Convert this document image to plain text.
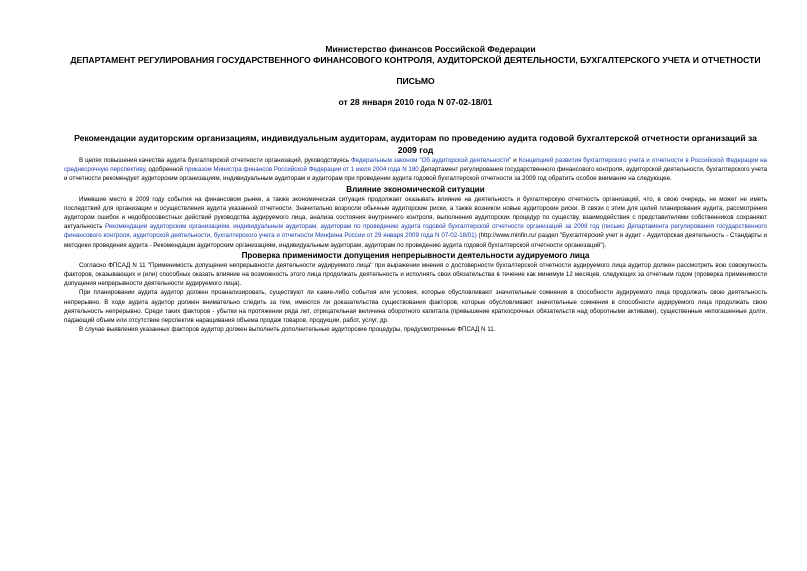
Министерство финансов Российской Федерации
ДЕПАРТАМЕНТ РЕГУЛИРОВАНИЯ ГОСУДАРСТВЕННОГО ФИНАНСОВОГО КОНТРОЛЯ, АУДИТОРСКОЙ ДЕЯТЕЛЬНОСТИ, БУХГАЛТЕРСКОГО УЧЕТА И ОТЧЕТНОСТИ
ПИСЬМО
от 28 января 2010 года N 07-02-18/01
Рекомендации аудиторским организациям, индивидуальным аудиторам, аудиторам по проведению аудита годовой бухгалтерской отчетности организаций за 2009 год

В целях повышения качества аудита бухгалтерской отчетности организаций, руководствуясь Федеральным законом "Об аудиторской деятельности" и Концепцией развития бухгалтерского учета и отчетности в Российской Федерации на среднесрочную перспективу, одобренной приказом Министра финансов Российской Федерации от 1 июля 2004 года N 180 Департамент регулирования государственного финансового контроля, аудиторской деятельности, бухгалтерского учета и отчетности рекомендует аудиторским организациям, индивидуальным аудиторам и аудиторам при проведении аудита годовой бухгалтерской отчетности за 2009 год обратить особое внимание на следующее.

Влияние экономической ситуации

Имевшие место в 2009 году события на финансовом рынке, а также экономическая ситуация продолжает оказывать влияние на деятельность и бухгалтерскую отчетность организаций, что, в свою очередь, не может не иметь последствий для организации и осуществления аудита указанной отчетности. Значительно возросли обычные аудиторские риски, а также возникли новые аудиторские риски. В связи с этим для целей планирования аудита, рассмотрения аудитором ошибок и недобросовестных действий руководства аудируемого лица, анализа состояния внутреннего контроля, выполнения аудиторских процедур по существу, взаимодействия с представителями собственников сохраняют актуальность Рекомендации аудиторским организациям, индивидуальным аудиторам, аудиторам по проведению аудита годовой бухгалтерской отчетности организаций за 2008 год (письмо Департамента регулирования государственного финансового контроля, аудиторской деятельности, бухгалтерского учета и отчетности Минфина России от 29 января 2009 года N 07-02-18/01) (http://www.minfin.ru/ раздел "Бухгалтерский учет и аудит - Аудиторская деятельность - Стандарты и методики проведения аудита - Рекомендации аудиторским организациям, индивидуальным аудиторам, аудиторам по проведению аудита годовой бухгалтерской отчетности организаций").

Проверка применимости допущения непрерывности деятельности аудируемого лица

Согласно ФПСАД N 11 "Применимость допущения непрерывности деятельности аудируемого лица" при выражении мнения о достоверности бухгалтерской отчетности аудируемого лица аудитор должен рассмотреть всю совокупность факторов, оказывающих и (или) способных оказать влияние на возможность этого лица продолжать деятельность и исполнять свои обязательства в течение как минимум 12 месяцев, следующих за отчетным годом (проверка применимости допущения непрерывности деятельности аудируемого лица).

При планировании аудита аудитор должен проанализировать, существуют ли какие-либо события или условия, которые обусловливают значительные сомнения в способности аудируемого лица продолжать свою деятельность непрерывно. В ходе аудита аудитор должен внимательно следить за тем, имеются ли доказательства существования факторов, которые обусловливают значительные сомнения в способности аудируемого лица продолжать свою деятельность непрерывно. Среди таких факторов - убытки на протяжении ряда лет, отрицательная величина оборотного капитала (превышение краткосрочных обязательств над оборотными активами), существенные непогашенные долги, падающий объем или отсутствие перспектив наращивания объема продаж товаров, продукции, работ, услуг, др.

В случае выявления указанных факторов аудитор должен выполнить дополнительные аудиторские процедуры, предусмотренные ФПСАД N 11.
